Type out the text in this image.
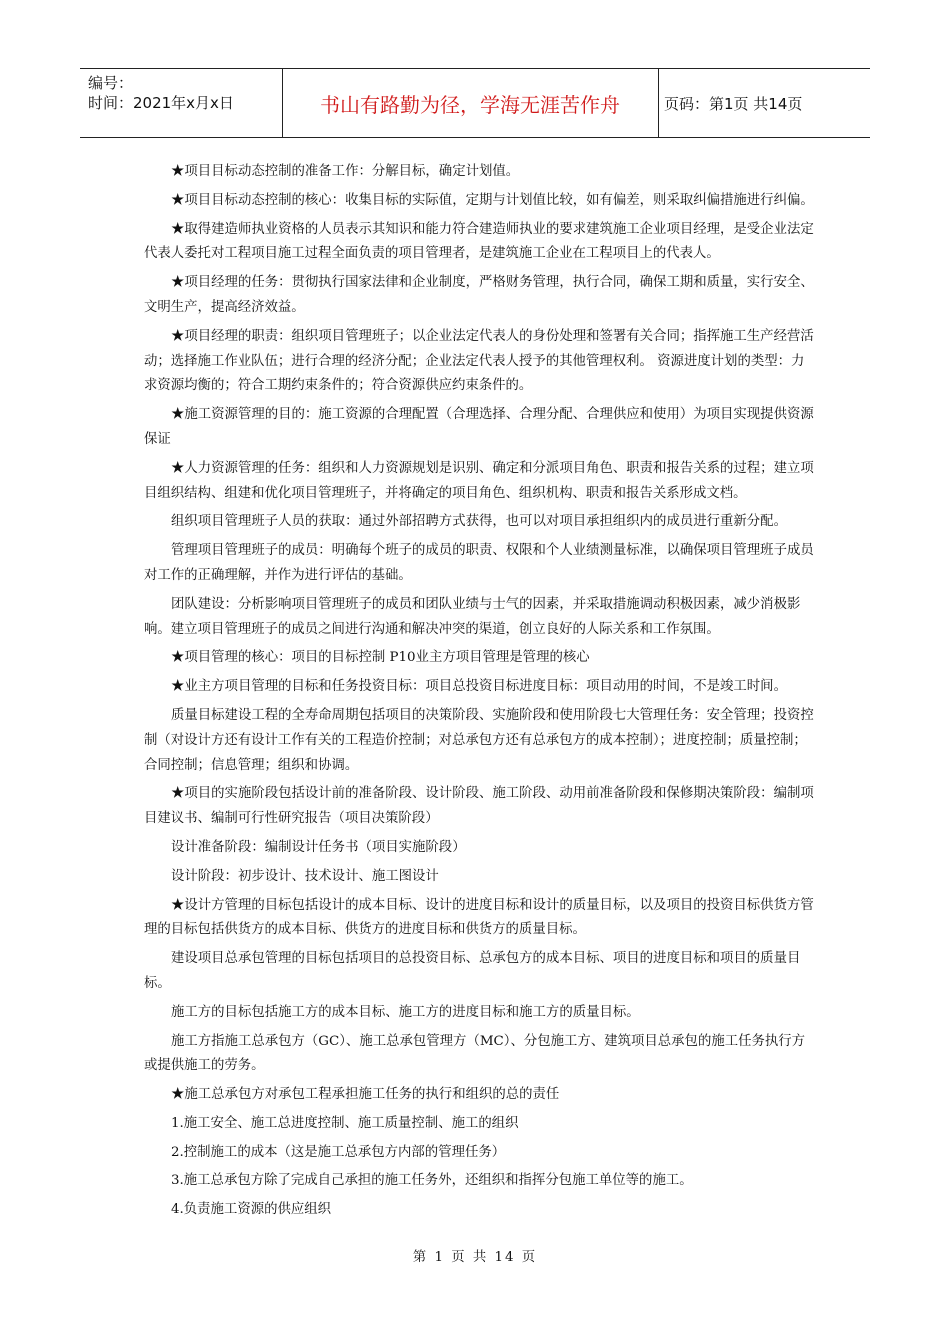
编号：
时间：2021年x月x日	书山有路勤为径，学海无涯苦作舟	页码：第1页 共14页

★项目目标动态控制的准备工作：分解目标，确定计划值。

★项目目标动态控制的核心：收集目标的实际值，定期与计划值比较，如有偏差，则采取纠偏措施进行纠偏。

★取得建造师执业资格的人员表示其知识和能力符合建造师执业的要求建筑施工企业项目经理，是受企业法定代表人委托对工程项目施工过程全面负责的项目管理者，是建筑施工企业在工程项目上的代表人。

★项目经理的任务：贯彻执行国家法律和企业制度，严格财务管理，执行合同，确保工期和质量，实行安全、文明生产，提高经济效益。

★项目经理的职责：组织项目管理班子；以企业法定代表人的身份处理和签署有关合同；指挥施工生产经营活动；选择施工作业队伍；进行合理的经济分配；企业法定代表人授予的其他管理权利。 资源进度计划的类型：力求资源均衡的；符合工期约束条件的；符合资源供应约束条件的。

★施工资源管理的目的：施工资源的合理配置（合理选择、合理分配、合理供应和使用）为项目实现提供资源保证

★人力资源管理的任务：组织和人力资源规划是识别、确定和分派项目角色、职责和报告关系的过程；建立项目组织结构、组建和优化项目管理班子，并将确定的项目角色、组织机构、职责和报告关系形成文档。

组织项目管理班子人员的获取：通过外部招聘方式获得，也可以对项目承担组织内的成员进行重新分配。

管理项目管理班子的成员：明确每个班子的成员的职责、权限和个人业绩测量标准，以确保项目管理班子成员对工作的正确理解，并作为进行评估的基础。

团队建设：分析影响项目管理班子的成员和团队业绩与士气的因素，并采取措施调动积极因素，减少消极影响。建立项目管理班子的成员之间进行沟通和解决冲突的渠道，创立良好的人际关系和工作氛围。

★项目管理的核心：项目的目标控制 P10业主方项目管理是管理的核心

★业主方项目管理的目标和任务投资目标：项目总投资目标进度目标：项目动用的时间，不是竣工时间。

质量目标建设工程的全寿命周期包括项目的决策阶段、实施阶段和使用阶段七大管理任务：安全管理；投资控制（对设计方还有设计工作有关的工程造价控制；对总承包方还有总承包方的成本控制）；进度控制；质量控制；合同控制；信息管理；组织和协调。

★项目的实施阶段包括设计前的准备阶段、设计阶段、施工阶段、动用前准备阶段和保修期决策阶段：编制项目建议书、编制可行性研究报告（项目决策阶段）

设计准备阶段：编制设计任务书（项目实施阶段）

设计阶段：初步设计、技术设计、施工图设计

★设计方管理的目标包括设计的成本目标、设计的进度目标和设计的质量目标，以及项目的投资目标供货方管理的目标包括供货方的成本目标、供货方的进度目标和供货方的质量目标。

建设项目总承包管理的目标包括项目的总投资目标、总承包方的成本目标、项目的进度目标和项目的质量目标。

施工方的目标包括施工方的成本目标、施工方的进度目标和施工方的质量目标。

施工方指施工总承包方（GC）、施工总承包管理方（MC）、分包施工方、建筑项目总承包的施工任务执行方或提供施工的劳务。

★施工总承包方对承包工程承担施工任务的执行和组织的总的责任

1.施工安全、施工总进度控制、施工质量控制、施工的组织

2.控制施工的成本（这是施工总承包方内部的管理任务）

3.施工总承包方除了完成自己承担的施工任务外，还组织和指挥分包施工单位等的施工。

4.负责施工资源的供应组织

第 1 页 共 14 页
